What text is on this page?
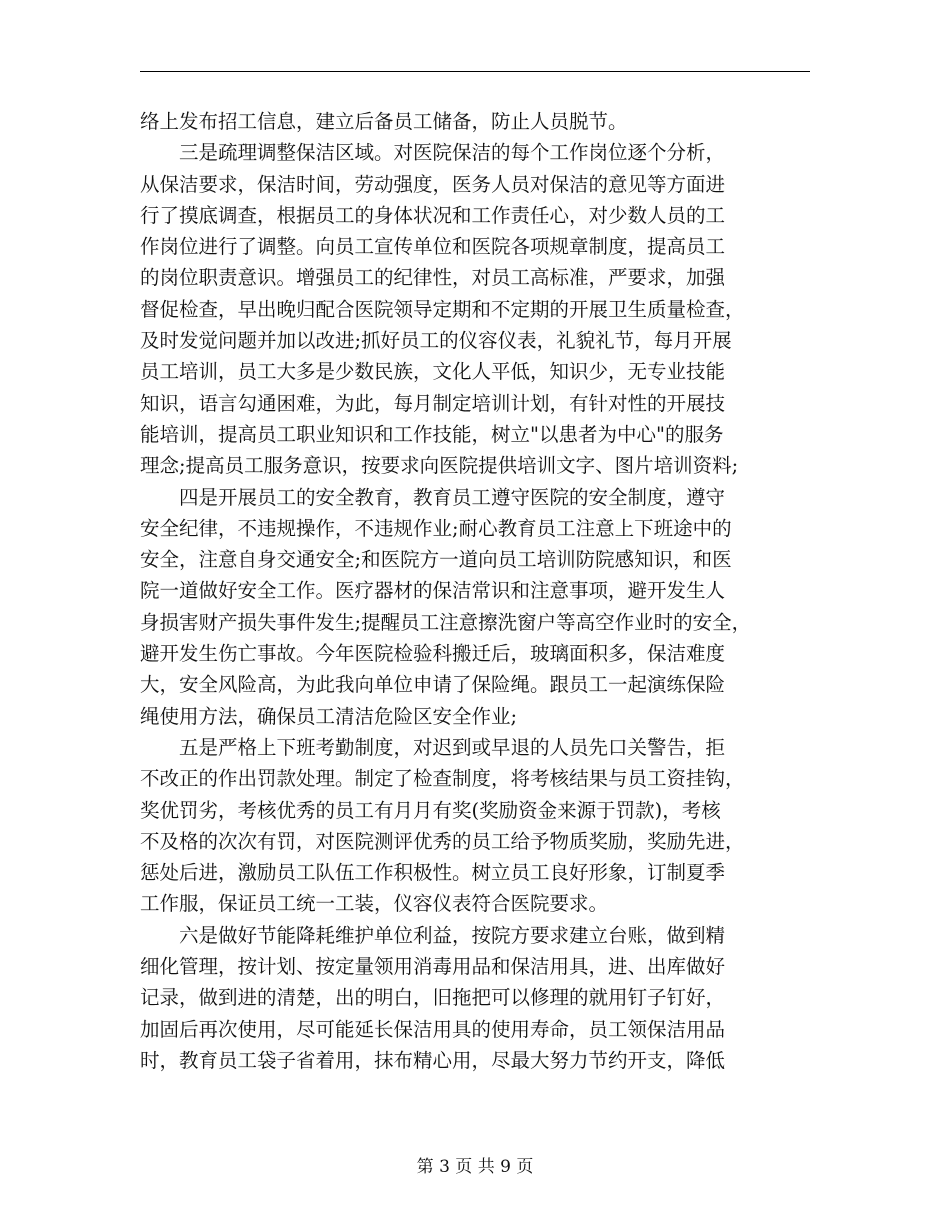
络上发布招工信息，建立后备员工储备，防止人员脱节。
　　三是疏理调整保洁区域。对医院保洁的每个工作岗位逐个分析，
从保洁要求，保洁时间，劳动强度，医务人员对保洁的意见等方面进
行了摸底调查，根据员工的身体状况和工作责任心，对少数人员的工
作岗位进行了调整。向员工宣传单位和医院各项规章制度，提高员工
的岗位职责意识。增强员工的纪律性，对员工高标准，严要求，加强
督促检查，早出晚归配合医院领导定期和不定期的开展卫生质量检查，
及时发觉问题并加以改进;抓好员工的仪容仪表，礼貌礼节，每月开展
员工培训，员工大多是少数民族，文化人平低，知识少，无专业技能
知识，语言勾通困难，为此，每月制定培训计划，有针对性的开展技
能培训，提高员工职业知识和工作技能，树立"以患者为中心"的服务
理念;提高员工服务意识，按要求向医院提供培训文字、图片培训资料;
　　四是开展员工的安全教育，教育员工遵守医院的安全制度，遵守
安全纪律，不违规操作，不违规作业;耐心教育员工注意上下班途中的
安全，注意自身交通安全;和医院方一道向员工培训防院感知识，和医
院一道做好安全工作。医疗器材的保洁常识和注意事项，避开发生人
身损害财产损失事件发生;提醒员工注意擦洗窗户等高空作业时的安全，
避开发生伤亡事故。今年医院检验科搬迁后，玻璃面积多，保洁难度
大，安全风险高，为此我向单位申请了保险绳。跟员工一起演练保险
绳使用方法，确保员工清洁危险区安全作业;
　　五是严格上下班考勤制度，对迟到或早退的人员先口关警告，拒
不改正的作出罚款处理。制定了检查制度，将考核结果与员工资挂钩，
奖优罚劣，考核优秀的员工有月月有奖(奖励资金来源于罚款)，考核
不及格的次次有罚，对医院测评优秀的员工给予物质奖励，奖励先进，
惩处后进，激励员工队伍工作积极性。树立员工良好形象，订制夏季
工作服，保证员工统一工装，仪容仪表符合医院要求。
　　六是做好节能降耗维护单位利益，按院方要求建立台账，做到精
细化管理，按计划、按定量领用消毒用品和保洁用具，进、出库做好
记录，做到进的清楚，出的明白，旧拖把可以修理的就用钉子钉好，
加固后再次使用，尽可能延长保洁用具的使用寿命，员工领保洁用品
时，教育员工袋子省着用，抹布精心用，尽最大努力节约开支，降低
第 3 页 共 9 页
